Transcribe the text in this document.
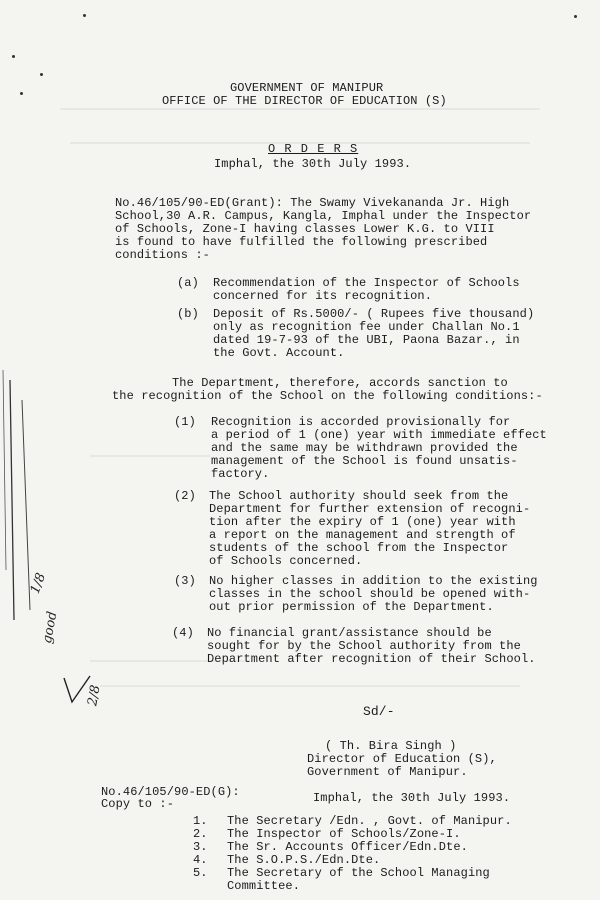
GOVERNMENT OF MANIPUR
OFFICE OF THE DIRECTOR OF EDUCATION (S)
O R D E R S
Imphal, the 30th July 1993.
No.46/105/90-ED(Grant): The Swamy Vivekananda Jr. High
School,30 A.R. Campus, Kangla, Imphal under the Inspector
of Schools, Zone-I having classes Lower K.G. to VIII
is found to have fulfilled the following prescribed
conditions :-
(a) Recommendation of the Inspector of Schools
concerned for its recognition.
(b) Deposit of Rs.5000/- ( Rupees five thousand)
only as recognition fee under Challan No.1
dated 19-7-93 of the UBI, Paona Bazar., in
the Govt. Account.
The Department, therefore, accords sanction to
the recognition of the School on the following conditions:-
(1) Recognition is accorded provisionally for
a period of 1 (one) year with immediate effect
and the same may be withdrawn provided the
management of the School is found unsatis-
factory.
(2) The School authority should seek from the
Department for further extension of recogni-
tion after the expiry of 1 (one) year with
a report on the management and strength of
students of the school from the Inspector
of Schools concerned.
(3) No higher classes in addition to the existing
classes in the school should be opened with-
out prior permission of the Department.
(4) No financial grant/assistance should be
sought for by the School authority from the
Department after recognition of their School.
Sd/-
( Th. Bira Singh )
Director of Education (S),
Government of Manipur.
No.46/105/90-ED(G):	Imphal, the 30th July 1993.
Copy to :-
1. The Secretary /Edn. , Govt. of Manipur.
2. The Inspector of Schools/Zone-I.
3. The Sr. Accounts Officer/Edn.Dte.
4. The S.O.P.S./Edn.Dte.
5. The Secretary of the School Managing
Committee.
1/8
good
2/8
